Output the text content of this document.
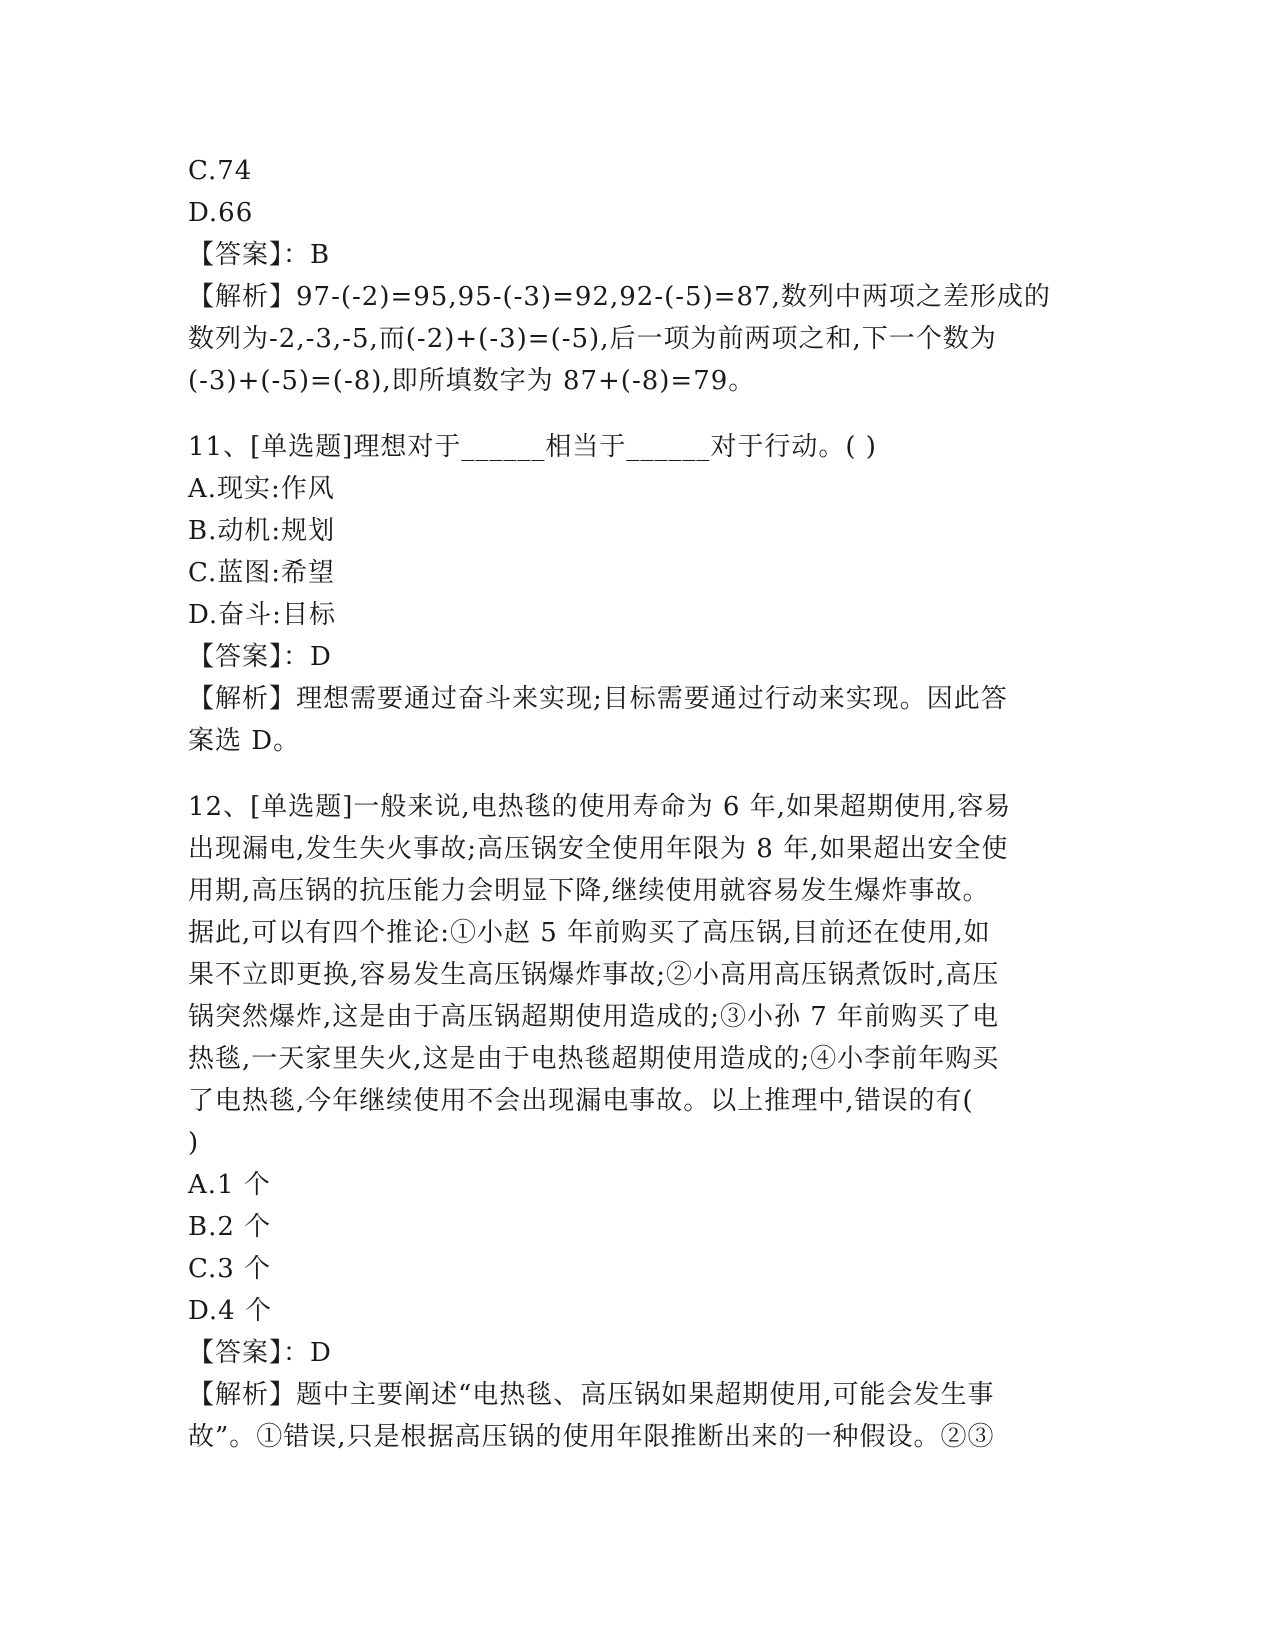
C.74
D.66
【答案】：B
【解析】97-(-2)=95,95-(-3)=92,92-(-5)=87,数列中两项之差形成的
数列为-2,-3,-5,而(-2)+(-3)=(-5),后一项为前两项之和,下一个数为
(-3)+(-5)=(-8),即所填数字为 87+(-8)=79。
11、[单选题]理想对于______相当于______对于行动。( )
A.现实:作风
B.动机:规划
C.蓝图:希望
D.奋斗:目标
【答案】：D
【解析】理想需要通过奋斗来实现;目标需要通过行动来实现。因此答
案选 D。
12、[单选题]一般来说,电热毯的使用寿命为 6 年,如果超期使用,容易
出现漏电,发生失火事故;高压锅安全使用年限为 8 年,如果超出安全使
用期,高压锅的抗压能力会明显下降,继续使用就容易发生爆炸事故。
据此,可以有四个推论:①小赵 5 年前购买了高压锅,目前还在使用,如
果不立即更换,容易发生高压锅爆炸事故;②小高用高压锅煮饭时,高压
锅突然爆炸,这是由于高压锅超期使用造成的;③小孙 7 年前购买了电
热毯,一天家里失火,这是由于电热毯超期使用造成的;④小李前年购买
了电热毯,今年继续使用不会出现漏电事故。以上推理中,错误的有(
)
A.1 个
B.2 个
C.3 个
D.4 个
【答案】：D
【解析】题中主要阐述“电热毯、高压锅如果超期使用,可能会发生事
故”。①错误,只是根据高压锅的使用年限推断出来的一种假设。②③
